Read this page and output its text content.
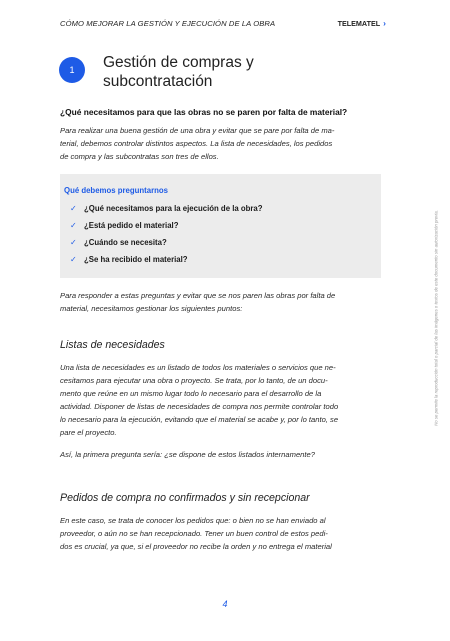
CÓMO MEJORAR LA GESTIÓN Y EJECUCIÓN DE LA OBRA	TELEMATEL ›
1	Gestión de compras y
subcontratación
¿Qué necesitamos para que las obras no se paren por falta de material?

Para realizar una buena gestión de una obra y evitar que se pare por falta de ma-
terial, debemos controlar distintos aspectos. La lista de necesidades, los pedidos
de compra y las subcontratas son tres de ellos.

Qué debemos preguntarnos
✓ ¿Qué necesitamos para la ejecución de la obra?
✓ ¿Está pedido el material?
✓ ¿Cuándo se necesita?
✓ ¿Se ha recibido el material?

Para responder a estas preguntas y evitar que se nos paren las obras por falta de
material, necesitamos gestionar los siguientes puntos:

Listas de necesidades

Una lista de necesidades es un listado de todos los materiales o servicios que ne-
cesitamos para ejecutar una obra o proyecto. Se trata, por lo tanto, de un docu-
mento que reúne en un mismo lugar todo lo necesario para el desarrollo de la
actividad. Disponer de listas de necesidades de compra nos permite controlar todo
lo necesario para la ejecución, evitando que el material se acabe y, por lo tanto, se
pare el proyecto.

Así, la primera pregunta sería: ¿se dispone de estos listados internamente?

Pedidos de compra no confirmados y sin recepcionar

En este caso, se trata de conocer los pedidos que: o bien no se han enviado al
proveedor, o aún no se han recepcionado. Tener un buen control de estos pedi-
dos es crucial, ya que, si el proveedor no recibe la orden y no entrega el material

4
No se permite la reproducción total o parcial de las imágenes o textos de este documento sin autorización previa.
